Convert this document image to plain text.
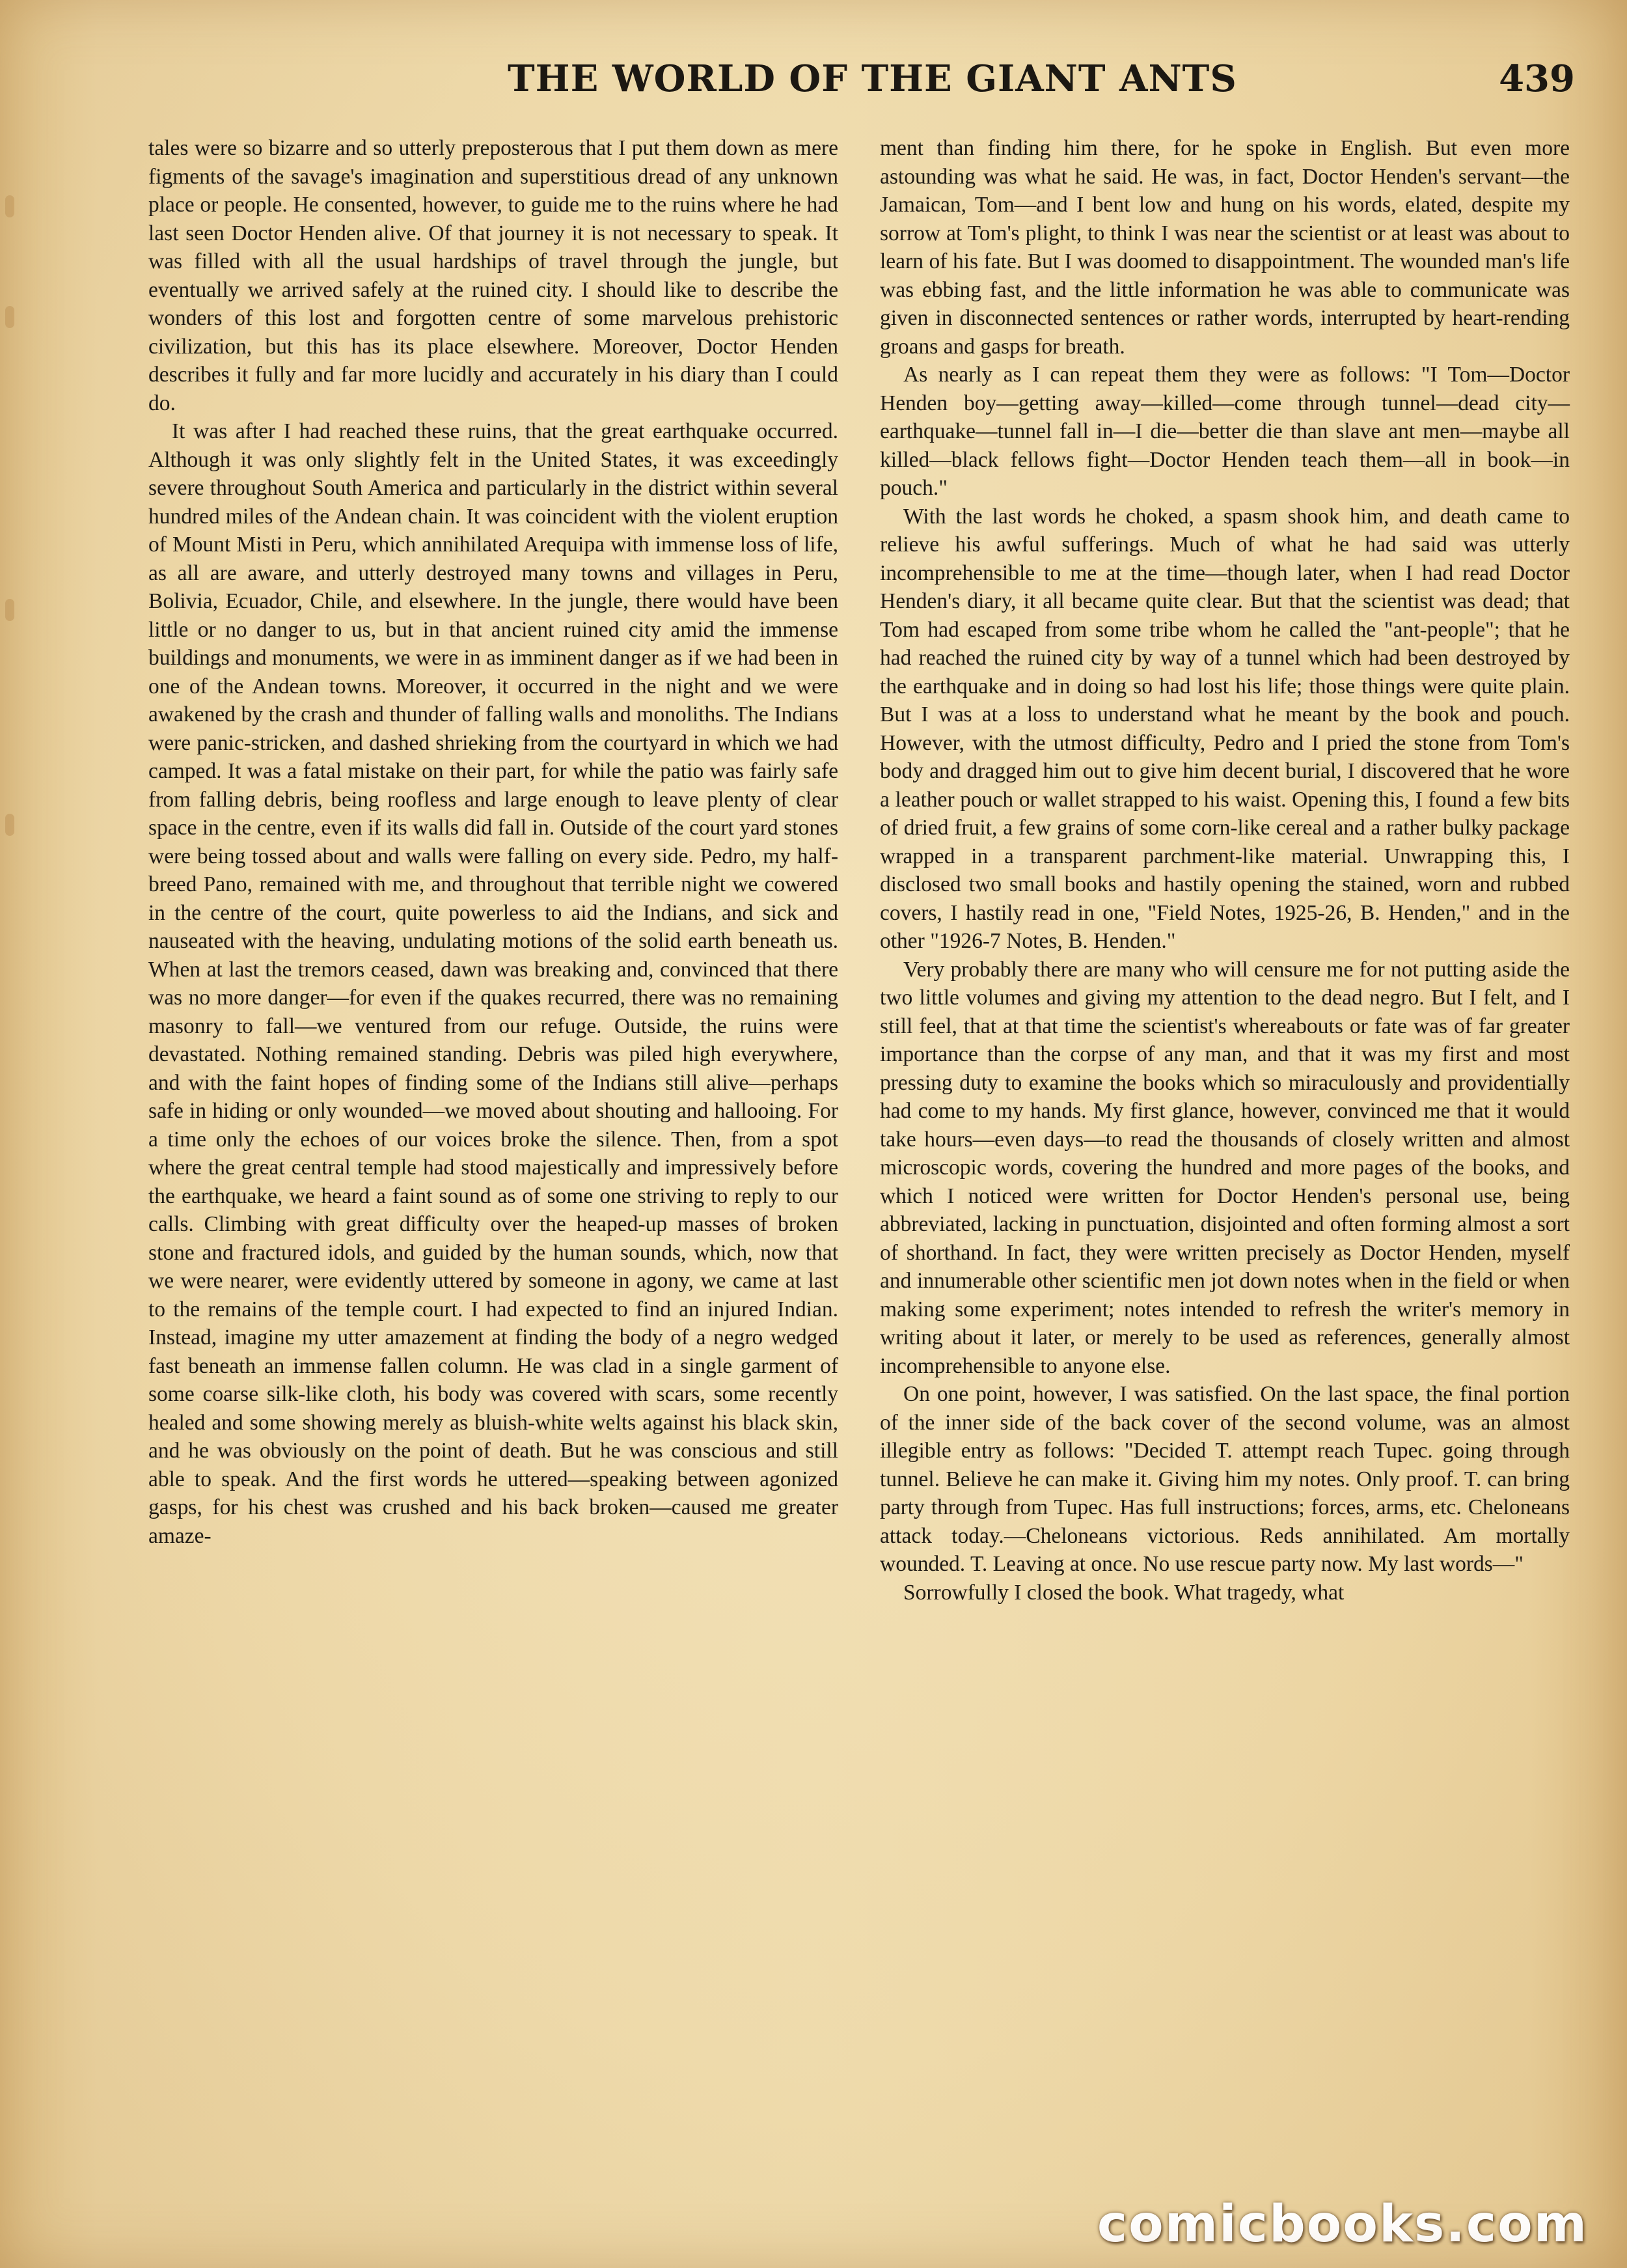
THE WORLD OF THE GIANT ANTS	439

tales were so bizarre and so utterly preposterous that I put them down as mere figments of the savage's imagination and superstitious dread of any unknown place or people. He consented, however, to guide me to the ruins where he had last seen Doctor Henden alive. Of that journey it is not necessary to speak. It was filled with all the usual hardships of travel through the jungle, but eventually we arrived safely at the ruined city. I should like to describe the wonders of this lost and forgotten centre of some marvelous prehistoric civilization, but this has its place elsewhere. Moreover, Doctor Henden describes it fully and far more lucidly and accurately in his diary than I could do.

It was after I had reached these ruins, that the great earthquake occurred. Although it was only slightly felt in the United States, it was exceedingly severe throughout South America and particularly in the district within several hundred miles of the Andean chain. It was coincident with the violent eruption of Mount Misti in Peru, which annihilated Arequipa with immense loss of life, as all are aware, and utterly destroyed many towns and villages in Peru, Bolivia, Ecuador, Chile, and elsewhere. In the jungle, there would have been little or no danger to us, but in that ancient ruined city amid the immense buildings and monuments, we were in as imminent danger as if we had been in one of the Andean towns. Moreover, it occurred in the night and we were awakened by the crash and thunder of falling walls and monoliths. The Indians were panic-stricken, and dashed shrieking from the courtyard in which we had camped. It was a fatal mistake on their part, for while the patio was fairly safe from falling debris, being roofless and large enough to leave plenty of clear space in the centre, even if its walls did fall in. Outside of the court yard stones were being tossed about and walls were falling on every side. Pedro, my half-breed Pano, remained with me, and throughout that terrible night we cowered in the centre of the court, quite powerless to aid the Indians, and sick and nauseated with the heaving, undulating motions of the solid earth beneath us. When at last the tremors ceased, dawn was breaking and, convinced that there was no more danger—for even if the quakes recurred, there was no remaining masonry to fall—we ventured from our refuge. Outside, the ruins were devastated. Nothing remained standing. Debris was piled high everywhere, and with the faint hopes of finding some of the Indians still alive—perhaps safe in hiding or only wounded—we moved about shouting and hallooing. For a time only the echoes of our voices broke the silence. Then, from a spot where the great central temple had stood majestically and impressively before the earthquake, we heard a faint sound as of some one striving to reply to our calls. Climbing with great difficulty over the heaped-up masses of broken stone and fractured idols, and guided by the human sounds, which, now that we were nearer, were evidently uttered by someone in agony, we came at last to the remains of the temple court. I had expected to find an injured Indian. Instead, imagine my utter amazement at finding the body of a negro wedged fast beneath an immense fallen column. He was clad in a single garment of some coarse silk-like cloth, his body was covered with scars, some recently healed and some showing merely as bluish-white welts against his black skin, and he was obviously on the point of death. But he was conscious and still able to speak. And the first words he uttered—speaking between agonized gasps, for his chest was crushed and his back broken—caused me greater amaze-

ment than finding him there, for he spoke in English. But even more astounding was what he said. He was, in fact, Doctor Henden's servant—the Jamaican, Tom—and I bent low and hung on his words, elated, despite my sorrow at Tom's plight, to think I was near the scientist or at least was about to learn of his fate. But I was doomed to disappointment. The wounded man's life was ebbing fast, and the little information he was able to communicate was given in disconnected sentences or rather words, interrupted by heart-rending groans and gasps for breath.

As nearly as I can repeat them they were as follows: "I Tom—Doctor Henden boy—getting away—killed—come through tunnel—dead city—earthquake—tunnel fall in—I die—better die than slave ant men—maybe all killed—black fellows fight—Doctor Henden teach them—all in book—in pouch."

With the last words he choked, a spasm shook him, and death came to relieve his awful sufferings. Much of what he had said was utterly incomprehensible to me at the time—though later, when I had read Doctor Henden's diary, it all became quite clear. But that the scientist was dead; that Tom had escaped from some tribe whom he called the "ant-people"; that he had reached the ruined city by way of a tunnel which had been destroyed by the earthquake and in doing so had lost his life; those things were quite plain. But I was at a loss to understand what he meant by the book and pouch. However, with the utmost difficulty, Pedro and I pried the stone from Tom's body and dragged him out to give him decent burial, I discovered that he wore a leather pouch or wallet strapped to his waist. Opening this, I found a few bits of dried fruit, a few grains of some corn-like cereal and a rather bulky package wrapped in a transparent parchment-like material. Unwrapping this, I disclosed two small books and hastily opening the stained, worn and rubbed covers, I hastily read in one, "Field Notes, 1925-26, B. Henden," and in the other "1926-7 Notes, B. Henden."

Very probably there are many who will censure me for not putting aside the two little volumes and giving my attention to the dead negro. But I felt, and I still feel, that at that time the scientist's whereabouts or fate was of far greater importance than the corpse of any man, and that it was my first and most pressing duty to examine the books which so miraculously and providentially had come to my hands. My first glance, however, convinced me that it would take hours—even days—to read the thousands of closely written and almost microscopic words, covering the hundred and more pages of the books, and which I noticed were written for Doctor Henden's personal use, being abbreviated, lacking in punctuation, disjointed and often forming almost a sort of shorthand. In fact, they were written precisely as Doctor Henden, myself and innumerable other scientific men jot down notes when in the field or when making some experiment; notes intended to refresh the writer's memory in writing about it later, or merely to be used as references, generally almost incomprehensible to anyone else.

On one point, however, I was satisfied. On the last space, the final portion of the inner side of the back cover of the second volume, was an almost illegible entry as follows: "Decided T. attempt reach Tupec. going through tunnel. Believe he can make it. Giving him my notes. Only proof. T. can bring party through from Tupec. Has full instructions; forces, arms, etc. Cheloneans attack today.—Cheloneans victorious. Reds annihilated. Am mortally wounded. T. Leaving at once. No use rescue party now. My last words—"

Sorrowfully I closed the book. What tragedy, what

comicbooks.com
